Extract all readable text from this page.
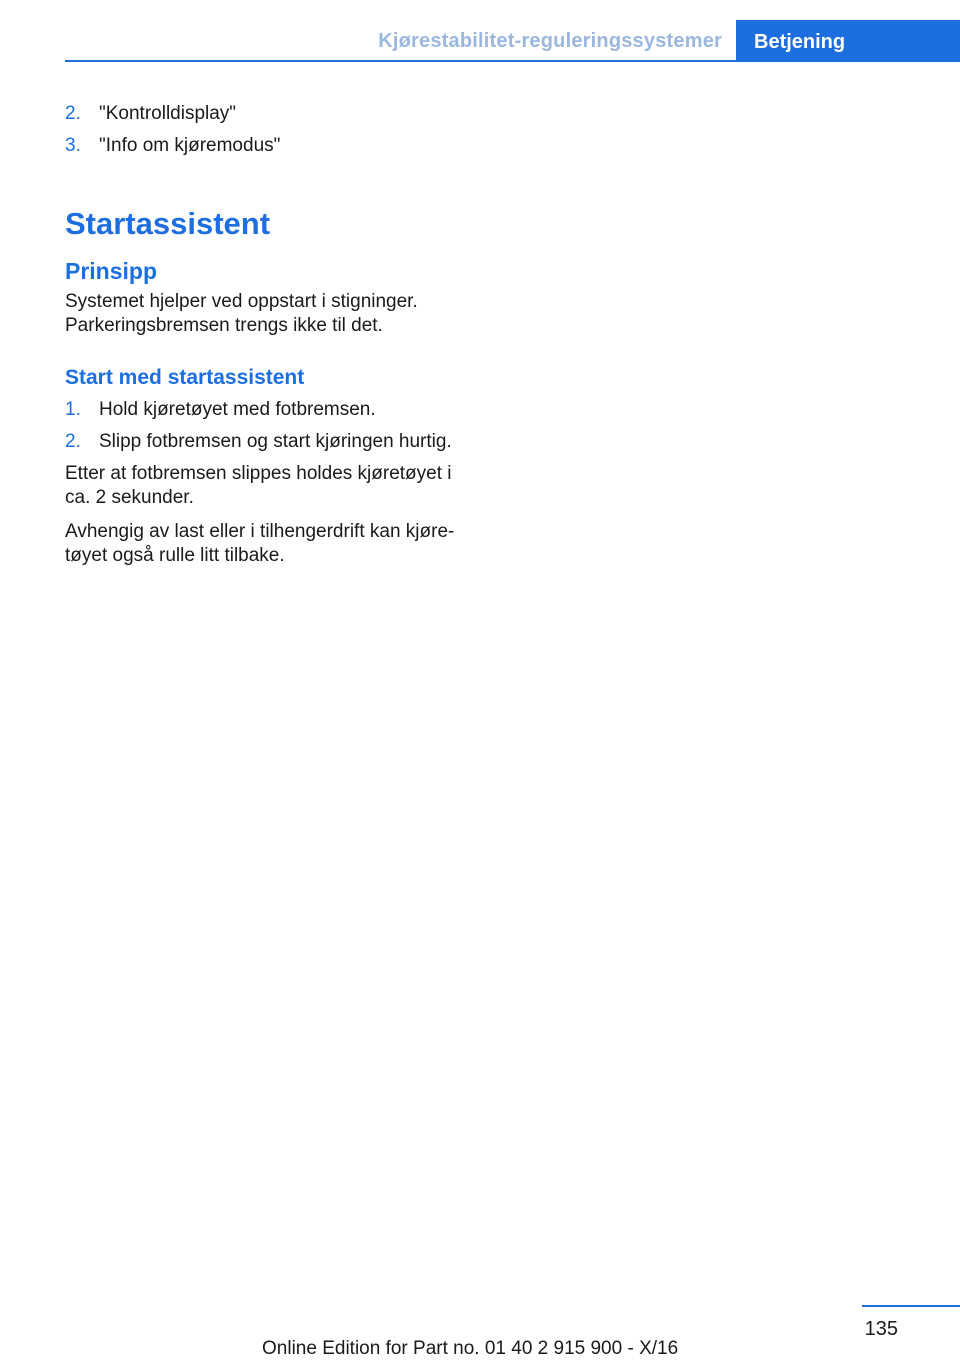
Kjørestabilitet-reguleringssystemer	Betjening
2. "Kontrolldisplay"
3. "Info om kjøremodus"
Startassistent
Prinsipp

Systemet hjelper ved oppstart i stigninger.
Parkeringsbremsen trengs ikke til det.

Start med startassistent
1. Hold kjøretøyet med fotbremsen.
2. Slipp fotbremsen og start kjøringen hurtig.

Etter at fotbremsen slippes holdes kjøretøyet i ca. 2 sekunder.

Avhengig av last eller i tilhengerdrift kan kjøre-tøyet også rulle litt tilbake.

135
Online Edition for Part no. 01 40 2 915 900 - X/16
